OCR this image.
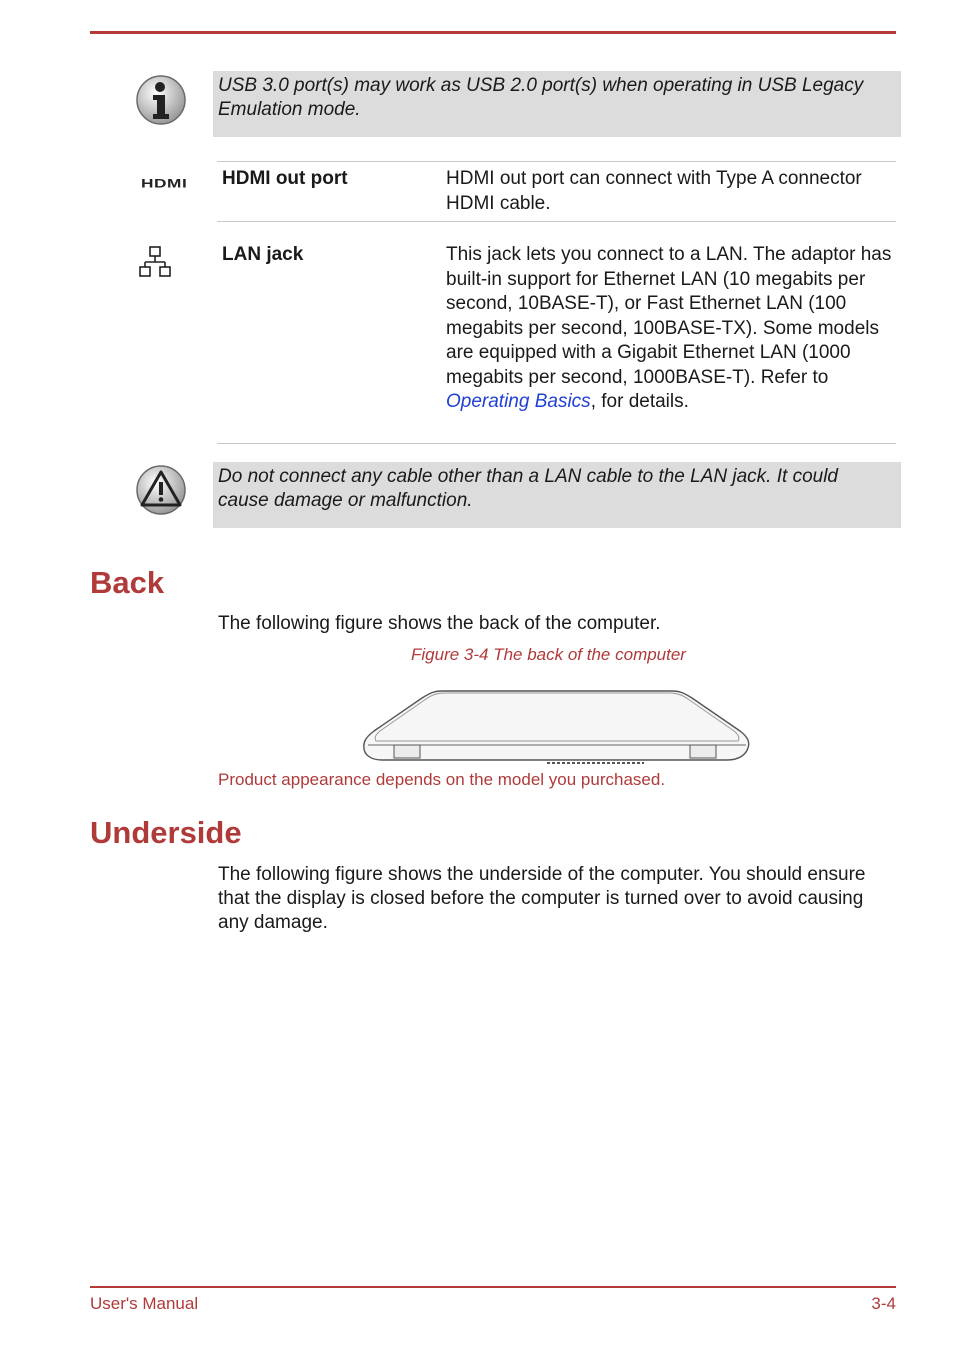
USB 3.0 port(s) may work as USB 2.0 port(s) when operating in USB Legacy Emulation mode.
HDMI HDMI out port	HDMI out port can connect with Type A connector HDMI cable.
LAN jack	This jack lets you connect to a LAN. The adaptor has built-in support for Ethernet LAN (10 megabits per second, 10BASE-T), or Fast Ethernet LAN (100 megabits per second, 100BASE-TX). Some models are equipped with a Gigabit Ethernet LAN (1000 megabits per second, 1000BASE-T). Refer to Operating Basics, for details.
Do not connect any cable other than a LAN cable to the LAN jack. It could cause damage or malfunction.
Back
The following figure shows the back of the computer.
Figure 3-4 The back of the computer
Product appearance depends on the model you purchased.
Underside
The following figure shows the underside of the computer. You should ensure that the display is closed before the computer is turned over to avoid causing any damage.
User's Manual	3-4
